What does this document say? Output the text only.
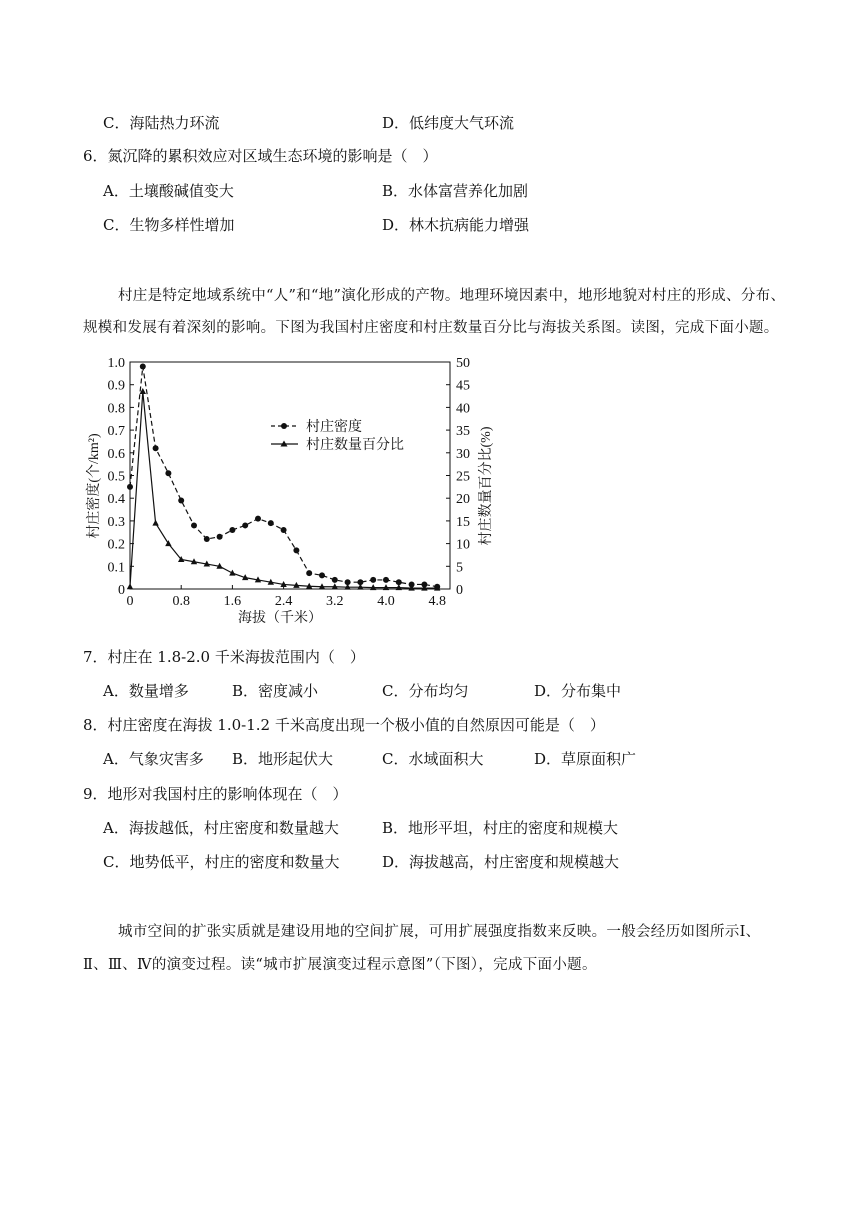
C．海陆热力环流	D．低纬度大气环流
6．氮沉降的累积效应对区域生态环境的影响是（　）
A．土壤酸碱值变大	B．水体富营养化加剧
C．生物多样性增加	D．林木抗病能力增强
村庄是特定地域系统中“人”和“地”演化形成的产物。地理环境因素中，地形地貌对村庄的形成、分布、
规模和发展有着深刻的影响。下图为我国村庄密度和村庄数量百分比与海拔关系图。读图，完成下面小题。
0
0.1
0.2
0.3
0.4
0.5
0.6
0.7
0.8
0.9
1.0
0
5
10
15
20
25
30
35
40
45
50
0	0.8 1.6 2.4 3.2 4.0 4.8
村庄密度
村庄数量百分比
村庄密度(个/km²)	村庄数量百分比(%)
海拔（千米）
7．村庄在 1.8-2.0 千米海拔范围内（　）
A．数量增多	B．密度减小	C．分布均匀	D．分布集中
8．村庄密度在海拔 1.0-1.2 千米高度出现一个极小值的自然原因可能是（　）
A．气象灾害多 B．地形起伏大	C．水域面积大	D．草原面积广
9．地形对我国村庄的影响体现在（　）
A．海拔越低，村庄密度和数量越大	B．地形平坦，村庄的密度和规模大
C．地势低平，村庄的密度和数量大	D．海拔越高，村庄密度和规模越大
城市空间的扩张实质就是建设用地的空间扩展，可用扩展强度指数来反映。一般会经历如图所示Ⅰ、
Ⅱ、Ⅲ、Ⅳ的演变过程。读“城市扩展演变过程示意图”（下图），完成下面小题。
